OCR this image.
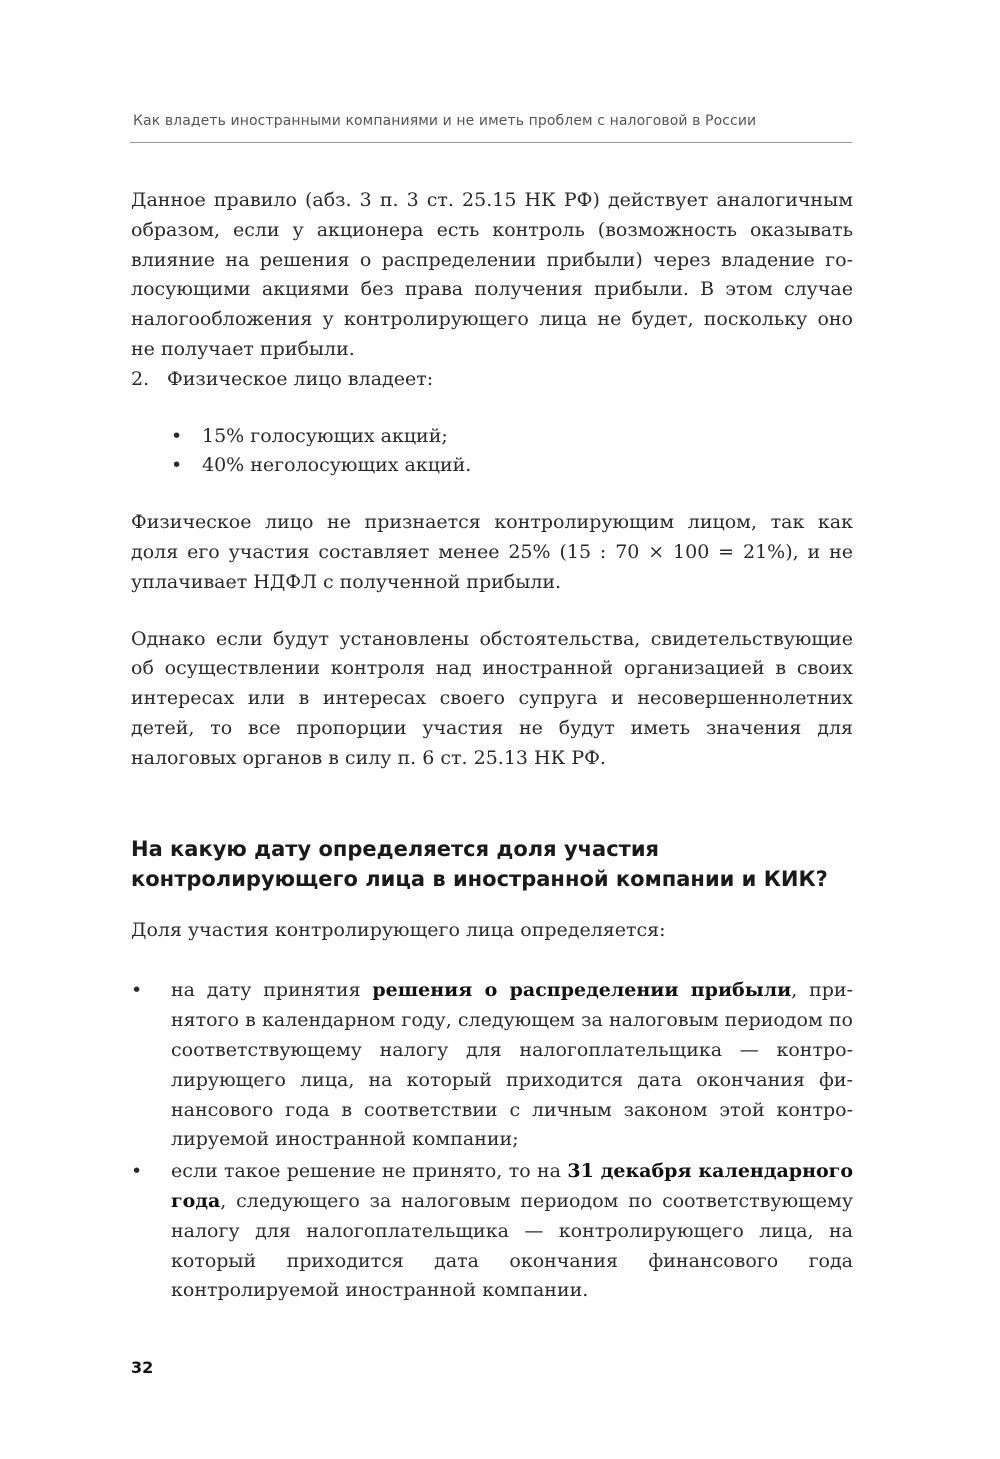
Как владеть иностранными компаниями и не иметь проблем с налоговой в России

Данное правило (абз. 3 п. 3 ст. 25.15 НК РФ) действует аналогичным образом, если у акционера есть контроль (возможность оказывать влияние на решения о распределении прибыли) через владение голосующими акциями без права получения прибыли. В этом случае налогообложения у контролирующего лица не будет, поскольку оно не получает прибыли.

2. Физическое лицо владеет:
•	15% голосующих акций;
•	40% неголосующих акций.

Физическое лицо не признается контролирующим лицом, так как доля его участия составляет менее 25% (15 : 70 × 100 = 21%), и не уплачивает НДФЛ с полученной прибыли.

Однако если будут установлены обстоятельства, свидетельствующие об осуществлении контроля над иностранной организацией в своих интересах или в интересах своего супруга и несовершеннолетних детей, то все пропорции участия не будут иметь значения для налоговых органов в силу п. 6 ст. 25.13 НК РФ.

На какую дату определяется доля участия контролирующего лица в иностранной компании и КИК?

Доля участия контролирующего лица определяется:

•	на дату принятия решения о распределении прибыли, принятого в календарном году, следующем за налоговым периодом по соответствующему налогу для налогоплательщика — контролирующего лица, на который приходится дата окончания финансового года в соответствии с личным законом этой контролируемой иностранной компании;
•	если такое решение не принято, то на 31 декабря календарного года, следующего за налоговым периодом по соответствующему налогу для налогоплательщика — контролирующего лица, на который приходится дата окончания финансового года контролируемой иностранной компании.
32
